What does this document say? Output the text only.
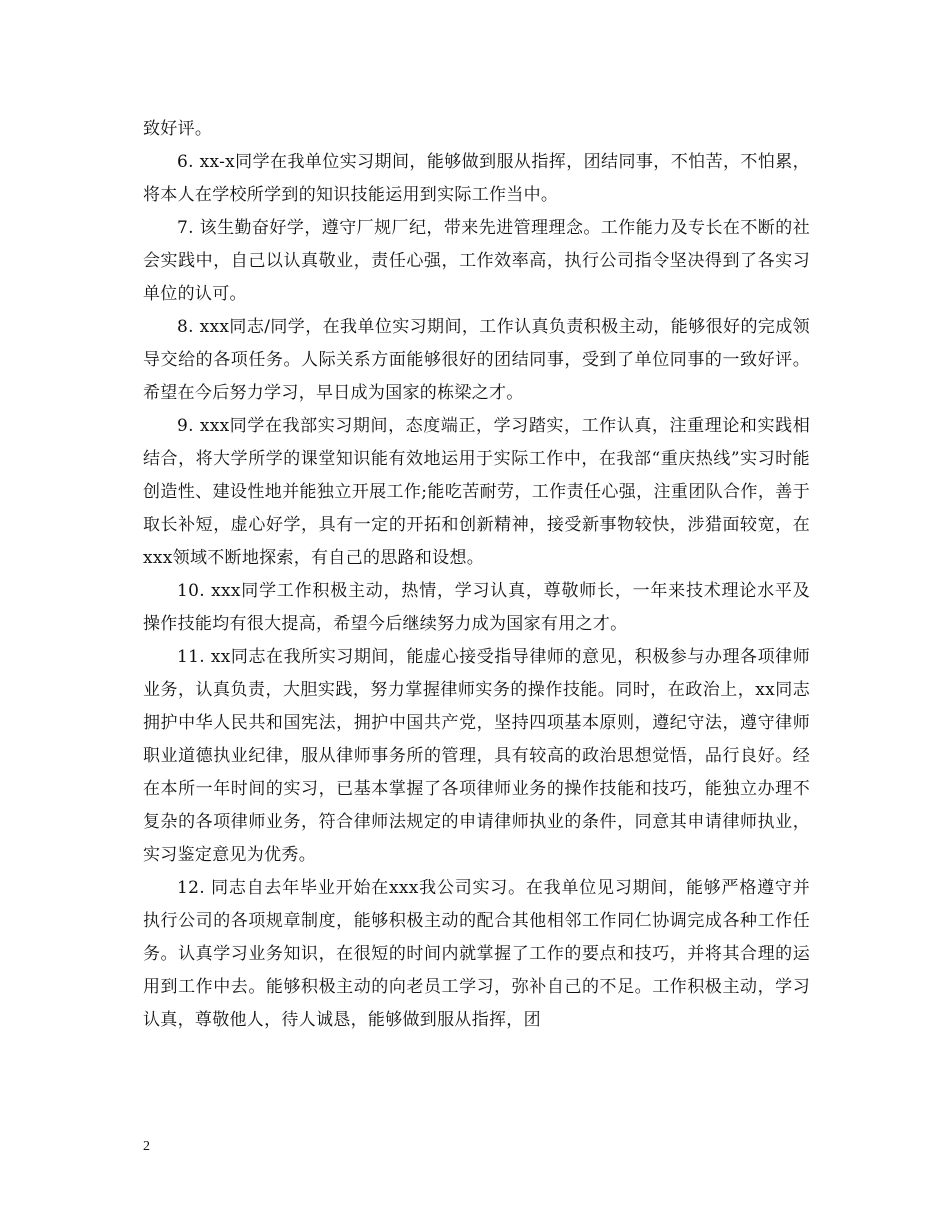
致好评。

6. xx-x同学在我单位实习期间，能够做到服从指挥，团结同事，不怕苦，不怕累，将本人在学校所学到的知识技能运用到实际工作当中。

7. 该生勤奋好学，遵守厂规厂纪，带来先进管理理念。工作能力及专长在不断的社会实践中，自己以认真敬业，责任心强，工作效率高，执行公司指令坚决得到了各实习单位的认可。

8. xxx同志/同学，在我单位实习期间，工作认真负责积极主动，能够很好的完成领导交给的各项任务。人际关系方面能够很好的团结同事，受到了单位同事的一致好评。希望在今后努力学习，早日成为国家的栋梁之才。

9. xxx同学在我部实习期间，态度端正，学习踏实，工作认真，注重理论和实践相结合，将大学所学的课堂知识能有效地运用于实际工作中，在我部“重庆热线”实习时能创造性、建设性地并能独立开展工作;能吃苦耐劳，工作责任心强，注重团队合作，善于取长补短，虚心好学，具有一定的开拓和创新精神，接受新事物较快，涉猎面较宽，在xxx领域不断地探索，有自己的思路和设想。

10. xxx同学工作积极主动，热情，学习认真，尊敬师长，一年来技术理论水平及操作技能均有很大提高，希望今后继续努力成为国家有用之才。

11. xx同志在我所实习期间，能虚心接受指导律师的意见，积极参与办理各项律师业务，认真负责，大胆实践，努力掌握律师实务的操作技能。同时，在政治上，xx同志拥护中华人民共和国宪法，拥护中国共产党，坚持四项基本原则，遵纪守法，遵守律师职业道德执业纪律，服从律师事务所的管理，具有较高的政治思想觉悟，品行良好。经在本所一年时间的实习，已基本掌握了各项律师业务的操作技能和技巧，能独立办理不复杂的各项律师业务，符合律师法规定的申请律师执业的条件，同意其申请律师执业，实习鉴定意见为优秀。

12. 同志自去年毕业开始在xxx我公司实习。在我单位见习期间，能够严格遵守并执行公司的各项规章制度，能够积极主动的配合其他相邻工作同仁协调完成各种工作任务。认真学习业务知识，在很短的时间内就掌握了工作的要点和技巧，并将其合理的运用到工作中去。能够积极主动的向老员工学习，弥补自己的不足。工作积极主动，学习认真，尊敬他人，待人诚恳，能够做到服从指挥，团

2
